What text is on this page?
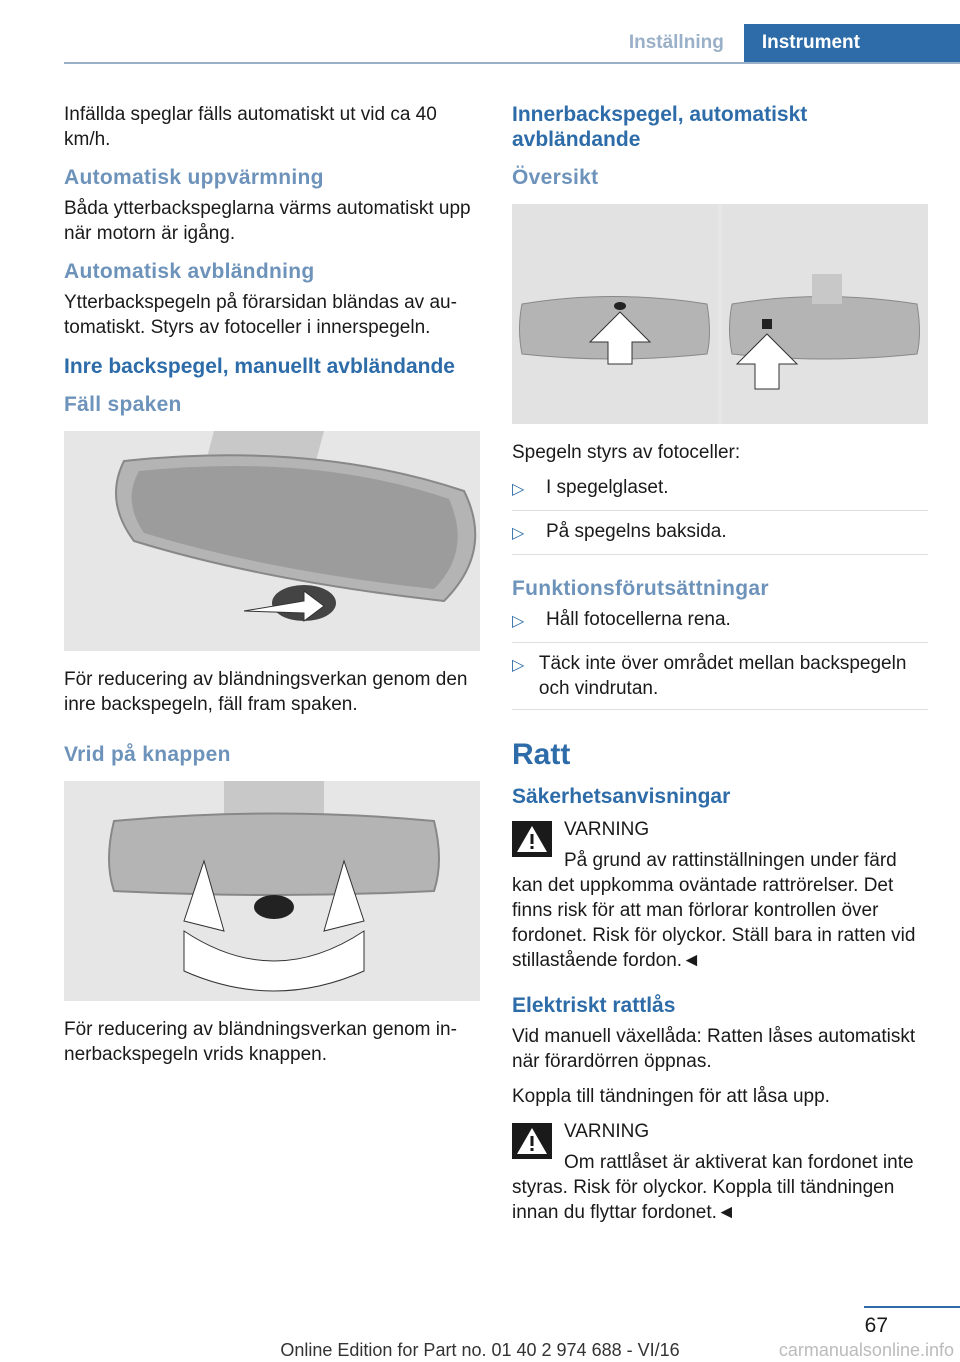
Inställning	Instrument

Infällda speglar fälls automatiskt ut vid ca 40 km/h.

Automatisk uppvärmning

Båda ytterbackspeglarna värms automatiskt upp när motorn är igång.

Automatisk avbländning

Ytterbackspegeln på förarsidan bländas av automatiskt. Styrs av fotoceller i innerspegeln.

Inre backspegel, manuellt avbländande
Fäll spaken

För reducering av bländningsverkan genom den inre backspegeln, fäll fram spaken.

Vrid på knappen

För reducering av bländningsverkan genom innerbackspegeln vrids knappen.

Innerbackspegel, automatiskt avbländande
Översikt

Spegeln styrs av fotoceller:

▷	I spegelglaset.
▷	På spegelns baksida.
Funktionsförutsättningar
▷	Håll fotocellerna rena.
▷ Täck inte över området mellan backspegeln och vindrutan.
Ratt
Säkerhetsanvisningar

VARNING

På grund av rattinställningen under färd kan det uppkomma oväntade rattrörelser. Det finns risk för att man förlorar kontrollen över fordonet. Risk för olyckor. Ställ bara in ratten vid stillastående fordon.◄

Elektriskt rattlås

Vid manuell växellåda: Ratten låses automatiskt när förardörren öppnas.

Koppla till tändningen för att låsa upp.

VARNING

Om rattlåset är aktiverat kan fordonet inte styras. Risk för olyckor. Koppla till tändningen innan du flyttar fordonet.◄

67
Online Edition for Part no. 01 40 2 974 688 - VI/16	carmanualsonline.info
